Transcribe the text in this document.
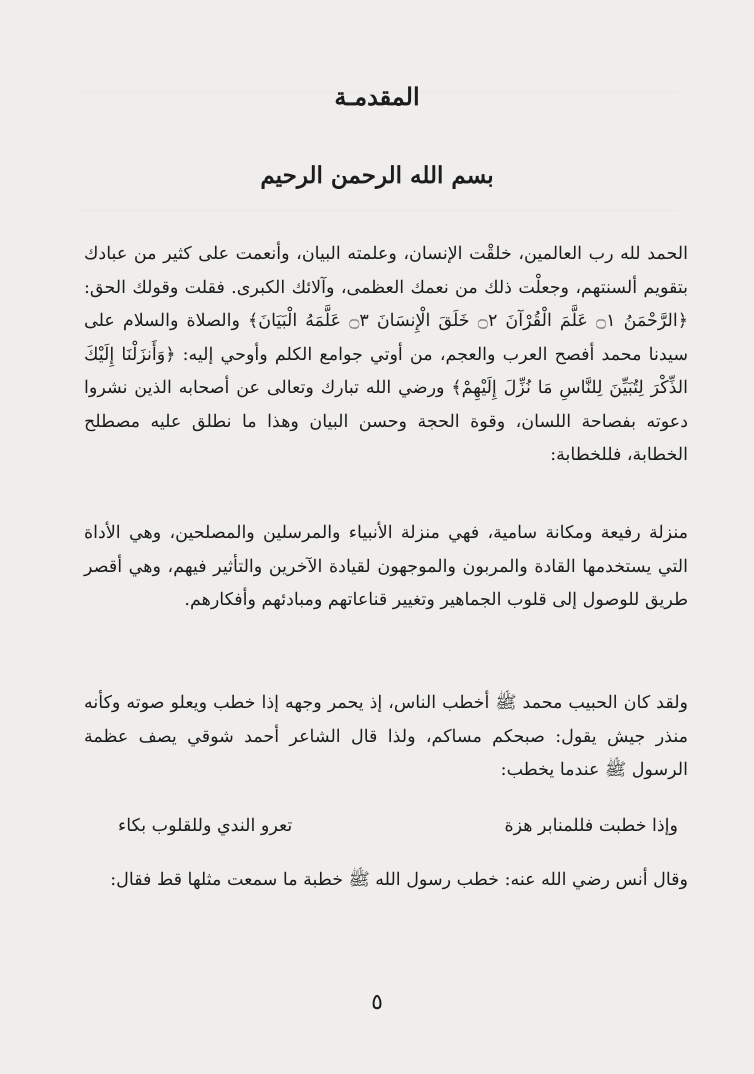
المقدمـة
بسم الله الرحمن الرحيم

الحمد لله رب العالمين، خلقْت الإنسان، وعلمته البيان، وأنعمت على كثير من عبادك بتقويم ألسنتهم، وجعلْت ذلك من نعمك العظمى، وآلائك الكبرى. فقلت وقولك الحق: ﴿الرَّحْمَنُ ۝١ عَلَّمَ الْقُرْآنَ ۝٢ خَلَقَ الْإِنسَانَ ۝٣ عَلَّمَهُ الْبَيَانَ﴾ والصلاة والسلام على سيدنا محمد أفصح العرب والعجم، من أوتي جوامع الكلم وأوحي إليه: ﴿وَأَنزَلْنَا إِلَيْكَ الذِّكْرَ لِتُبَيِّنَ لِلنَّاسِ مَا نُزِّلَ إِلَيْهِمْ﴾ ورضي الله تبارك وتعالى عن أصحابه الذين نشروا دعوته بفصاحة اللسان، وقوة الحجة وحسن البيان وهذا ما نطلق عليه مصطلح الخطابة، فللخطابة:

منزلة رفيعة ومكانة سامية، فهي منزلة الأنبياء والمرسلين والمصلحين، وهي الأداة التي يستخدمها القادة والمربون والموجهون لقيادة الآخرين والتأثير فيهم، وهي أقصر طريق للوصول إلى قلوب الجماهير وتغيير قناعاتهم ومبادئهم وأفكارهم.

ولقد كان الحبيب محمد ﷺ أخطب الناس، إذ يحمر وجهه إذا خطب ويعلو صوته وكأنه منذر جيش يقول: صبحكم مساكم، ولذا قال الشاعر أحمد شوقي يصف عظمة الرسول ﷺ عندما يخطب:

وإذا خطبت فللمنابر هزة
تعرو الندي وللقلوب بكاء

وقال أنس رضي الله عنه: خطب رسول الله ﷺ خطبة ما سمعت مثلها قط فقال:

٥
